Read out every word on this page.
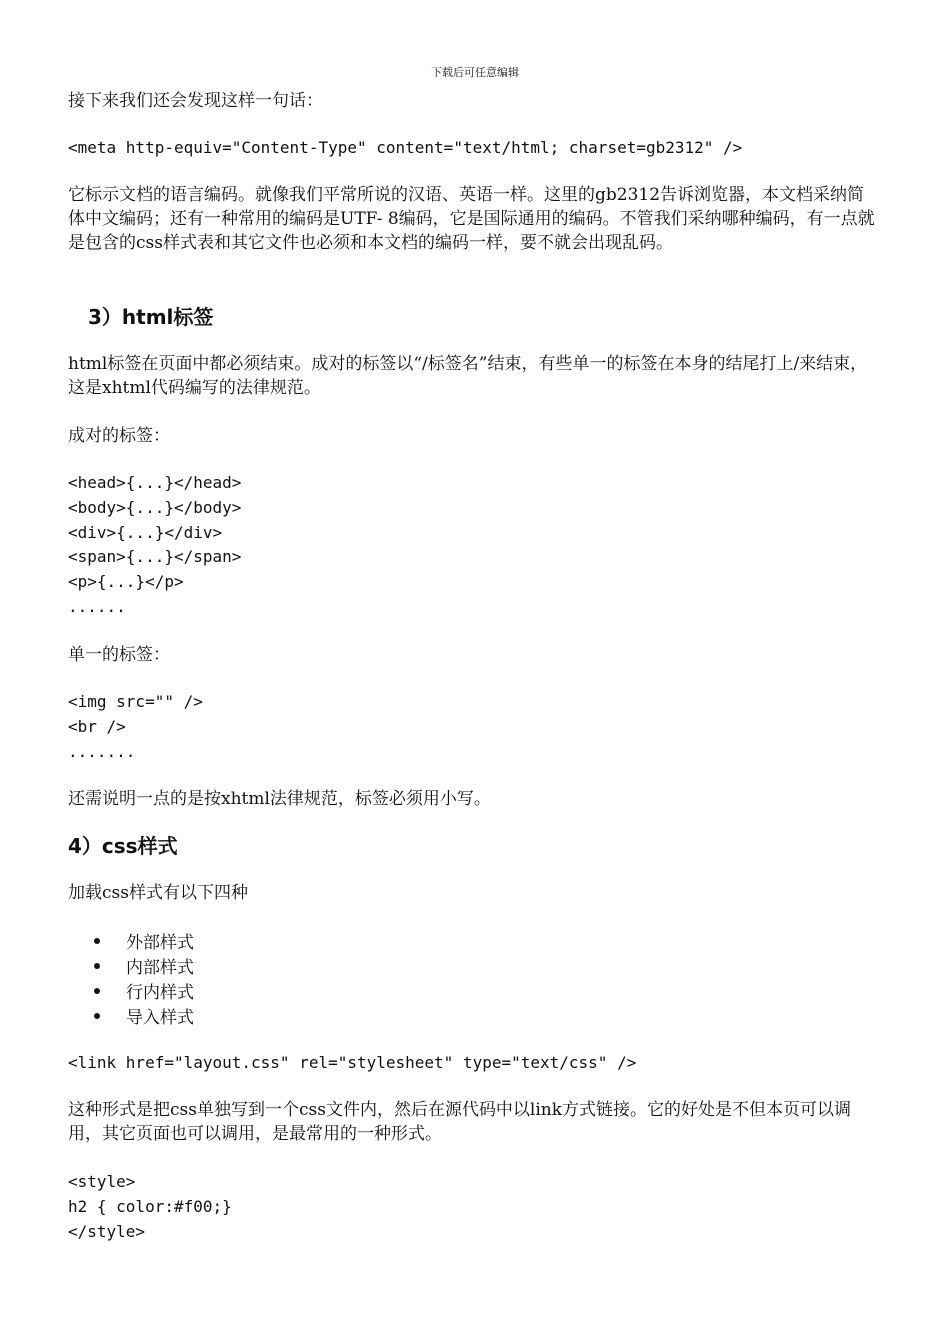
下载后可任意编辑
接下来我们还会发现这样一句话：
<meta http-equiv="Content-Type" content="text/html; charset=gb2312" />
它标示文档的语言编码。就像我们平常所说的汉语、英语一样。这里的gb2312告诉浏览器，本文档采纳简体中文编码；还有一种常用的编码是UTF- 8编码，它是国际通用的编码。不管我们采纳哪种编码，有一点就是包含的css样式表和其它文件也必须和本文档的编码一样，要不就会出现乱码。
3）html标签
html标签在页面中都必须结束。成对的标签以“/标签名”结束，有些单一的标签在本身的结尾打上/来结束，这是xhtml代码编写的法律规范。
成对的标签：
<head>{...}</head>
<body>{...}</body>
<div>{...}</div>
<span>{...}</span>
<p>{...}</p>
......
单一的标签：
<img src="" />
<br />
.......
还需说明一点的是按xhtml法律规范，标签必须用小写。
4）css样式
加载css样式有以下四种
外部样式
内部样式
行内样式
导入样式
<link href="layout.css" rel="stylesheet" type="text/css" />
这种形式是把css单独写到一个css文件内，然后在源代码中以link方式链接。它的好处是不但本页可以调用，其它页面也可以调用，是最常用的一种形式。
<style>
h2 { color:#f00;}
</style>
